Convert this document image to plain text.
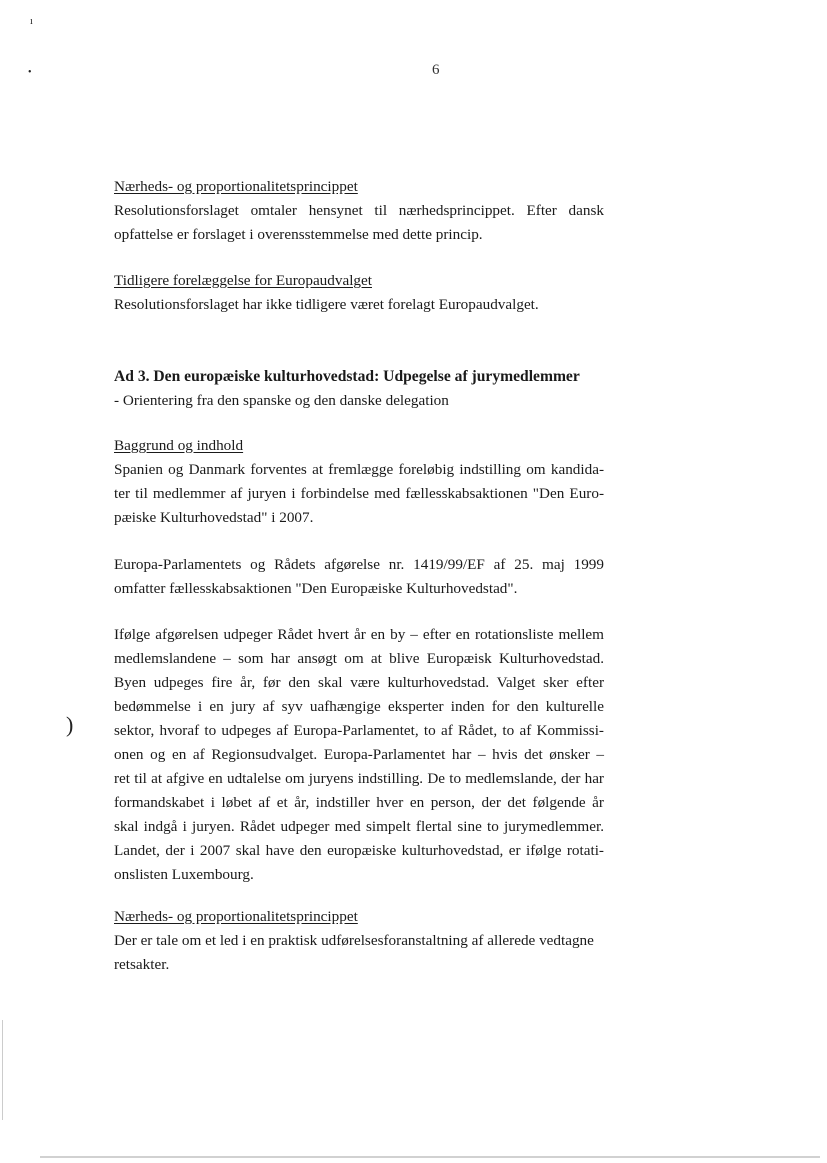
ı
•
)
6

Nærheds- og proportionalitetsprincippet

Resolutionsforslaget omtaler hensynet til nærhedsprincippet. Efter dansk

opfattelse er forslaget i overensstemmelse med dette princip.

Tidligere forelæggelse for Europaudvalget

Resolutionsforslaget har ikke tidligere været forelagt Europaudvalget.

Ad 3. Den europæiske kulturhovedstad: Udpegelse af jurymedlemmer

- Orientering fra den spanske og den danske delegation

Baggrund og indhold

Spanien og Danmark forventes at fremlægge foreløbig indstilling om kandida-

ter til medlemmer af juryen i forbindelse med fællesskabsaktionen "Den Euro-

pæiske Kulturhovedstad" i 2007.

Europa-Parlamentets og Rådets afgørelse nr. 1419/99/EF af 25. maj 1999

omfatter fællesskabsaktionen "Den Europæiske Kulturhovedstad".

Ifølge afgørelsen udpeger Rådet hvert år en by – efter en rotationsliste mellem

medlemslandene – som har ansøgt om at blive Europæisk Kulturhovedstad.

Byen udpeges fire år, før den skal være kulturhovedstad. Valget sker efter

bedømmelse i en jury af syv uafhængige eksperter inden for den kulturelle

sektor, hvoraf to udpeges af Europa-Parlamentet, to af Rådet, to af Kommissi-

onen og en af Regionsudvalget. Europa-Parlamentet har – hvis det ønsker –

ret til at afgive en udtalelse om juryens indstilling. De to medlemslande, der har

formandskabet i løbet af et år, indstiller hver en person, der det følgende år

skal indgå i juryen. Rådet udpeger med simpelt flertal sine to jurymedlemmer.

Landet, der i 2007 skal have den europæiske kulturhovedstad, er ifølge rotati-

onslisten Luxembourg.

Nærheds- og proportionalitetsprincippet

Der er tale om et led i en praktisk udførelsesforanstaltning af allerede vedtagne

retsakter.
